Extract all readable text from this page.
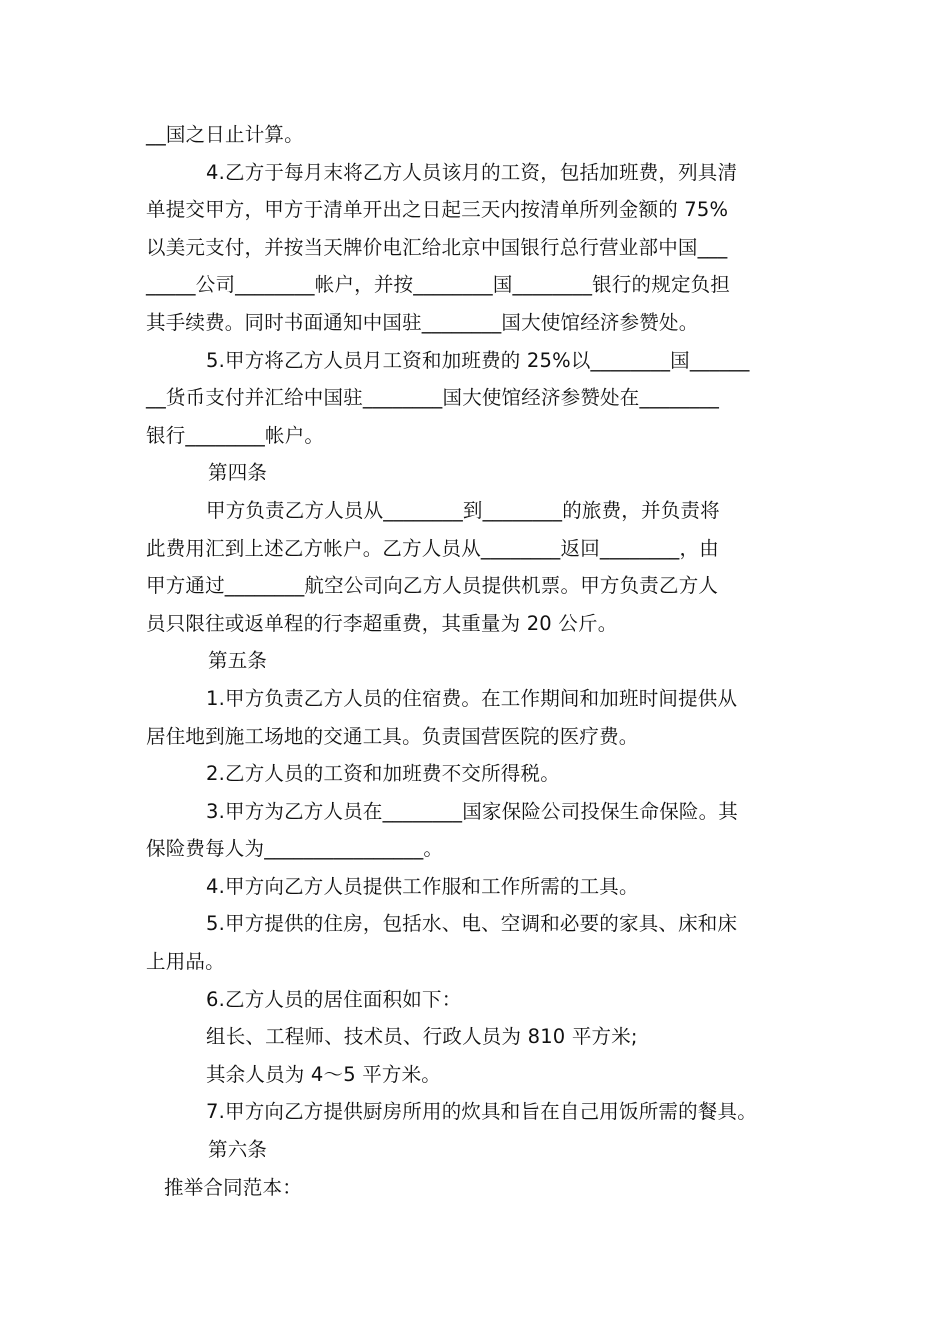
__国之日止计算。
4.乙方于每月末将乙方人员该月的工资，包括加班费，列具清
单提交甲方，甲方于清单开出之日起三天内按清单所列金额的 75%
以美元支付，并按当天牌价电汇给北京中国银行总行营业部中国___
_____公司________帐户，并按________国________银行的规定负担
其手续费。同时书面通知中国驻________国大使馆经济参赞处。
5.甲方将乙方人员月工资和加班费的 25%以________国______
__货币支付并汇给中国驻________国大使馆经济参赞处在________
银行________帐户。
第四条
甲方负责乙方人员从________到________的旅费，并负责将
此费用汇到上述乙方帐户。乙方人员从________返回________，由
甲方通过________航空公司向乙方人员提供机票。甲方负责乙方人
员只限往或返单程的行李超重费，其重量为 20 公斤。
第五条
1.甲方负责乙方人员的住宿费。在工作期间和加班时间提供从
居住地到施工场地的交通工具。负责国营医院的医疗费。
2.乙方人员的工资和加班费不交所得税。
3.甲方为乙方人员在________国家保险公司投保生命保险。其
保险费每人为________________。
4.甲方向乙方人员提供工作服和工作所需的工具。
5.甲方提供的住房，包括水、电、空调和必要的家具、床和床
上用品。
6.乙方人员的居住面积如下：
组长、工程师、技术员、行政人员为 810 平方米;
其余人员为 4～5 平方米。
7.甲方向乙方提供厨房所用的炊具和旨在自己用饭所需的餐具。
第六条
推举合同范本：
